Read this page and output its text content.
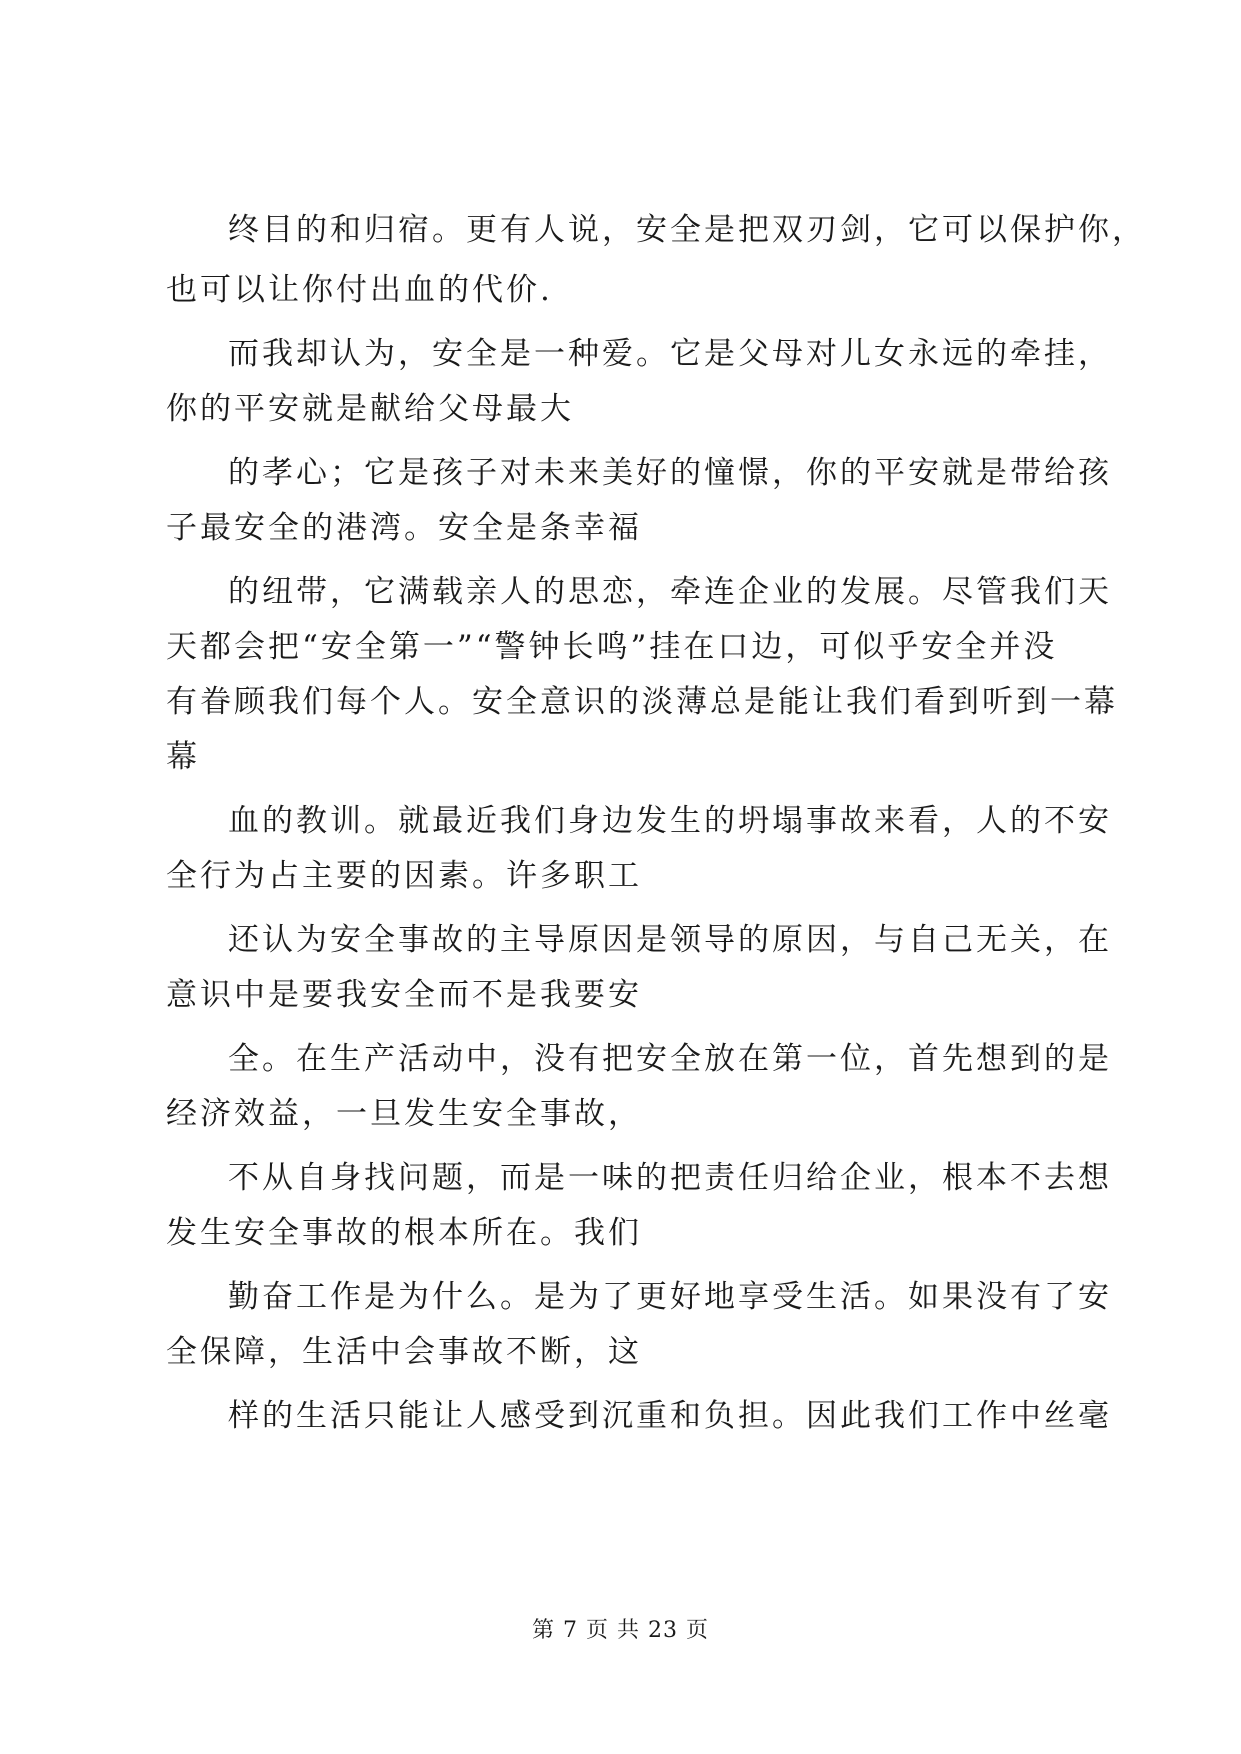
终目的和归宿。更有人说，安全是把双刃剑，它可以保护你，
也可以让你付出血的代价.
而我却认为，安全是一种爱。它是父母对儿女永远的牵挂，
你的平安就是献给父母最大
的孝心；它是孩子对未来美好的憧憬，你的平安就是带给孩
子最安全的港湾。安全是条幸福
的纽带，它满载亲人的思恋，牵连企业的发展。尽管我们天
天都会把“安全第一”“警钟长鸣”挂在口边，可似乎安全并没
有眷顾我们每个人。安全意识的淡薄总是能让我们看到听到一幕
幕
血的教训。就最近我们身边发生的坍塌事故来看，人的不安
全行为占主要的因素。许多职工
还认为安全事故的主导原因是领导的原因，与自己无关，在
意识中是要我安全而不是我要安
全。在生产活动中，没有把安全放在第一位，首先想到的是
经济效益，一旦发生安全事故，
不从自身找问题，而是一味的把责任归给企业，根本不去想
发生安全事故的根本所在。我们
勤奋工作是为什么。是为了更好地享受生活。如果没有了安
全保障，生活中会事故不断，这
样的生活只能让人感受到沉重和负担。因此我们工作中丝毫
第 7 页 共 23 页
